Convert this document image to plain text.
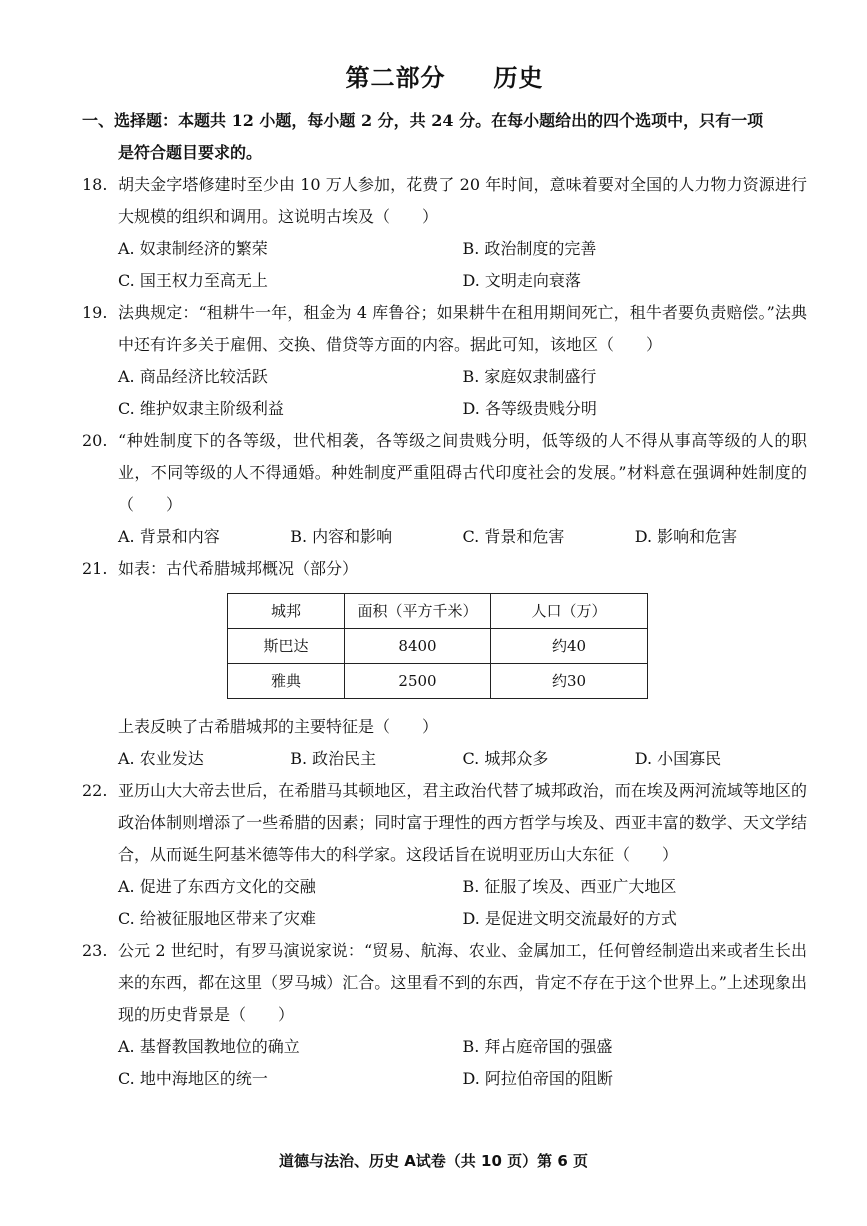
第二部分 历史
一、选择题：本题共 12 小题，每小题 2 分，共 24 分。在每小题给出的四个选项中，只有一项
是符合题目要求的。
18. 胡夫金字塔修建时至少由 10 万人参加，花费了 20 年时间，意味着要对全国的人力物力资源进行大规模的组织和调用。这说明古埃及（　　）
A. 奴隶制经济的繁荣	B. 政治制度的完善
C. 国王权力至高无上	D. 文明走向衰落
19. 法典规定：“租耕牛一年，租金为 4 库鲁谷；如果耕牛在租用期间死亡，租牛者要负责赔偿。”法典中还有许多关于雇佣、交换、借贷等方面的内容。据此可知，该地区（　　）
A. 商品经济比较活跃	B. 家庭奴隶制盛行
C. 维护奴隶主阶级利益	D. 各等级贵贱分明
20. “种姓制度下的各等级，世代相袭，各等级之间贵贱分明，低等级的人不得从事高等级的人的职业，不同等级的人不得通婚。种姓制度严重阻碍古代印度社会的发展。”材料意在强调种姓制度的（　　）
A. 背景和内容	B. 内容和影响	C. 背景和危害	D. 影响和危害
21. 如表：古代希腊城邦概况（部分）
城邦	面积（平方千米）	人口（万）
斯巴达	8400	约40
雅典	2500	约30
上表反映了古希腊城邦的主要特征是（　　）
A. 农业发达	B. 政治民主	C. 城邦众多	D. 小国寡民
22. 亚历山大大帝去世后，在希腊马其顿地区，君主政治代替了城邦政治，而在埃及两河流域等地区的政治体制则增添了一些希腊的因素；同时富于理性的西方哲学与埃及、西亚丰富的数学、天文学结合，从而诞生阿基米德等伟大的科学家。这段话旨在说明亚历山大东征（　　）
A. 促进了东西方文化的交融	B. 征服了埃及、西亚广大地区
C. 给被征服地区带来了灾难	D. 是促进文明交流最好的方式
23. 公元 2 世纪时，有罗马演说家说：“贸易、航海、农业、金属加工，任何曾经制造出来或者生长出来的东西，都在这里（罗马城）汇合。这里看不到的东西，肯定不存在于这个世界上。”上述现象出现的历史背景是（　　）
A. 基督教国教地位的确立	B. 拜占庭帝国的强盛
C. 地中海地区的统一	D. 阿拉伯帝国的阻断
道德与法治、历史 A试卷（共 10 页）第 6 页
